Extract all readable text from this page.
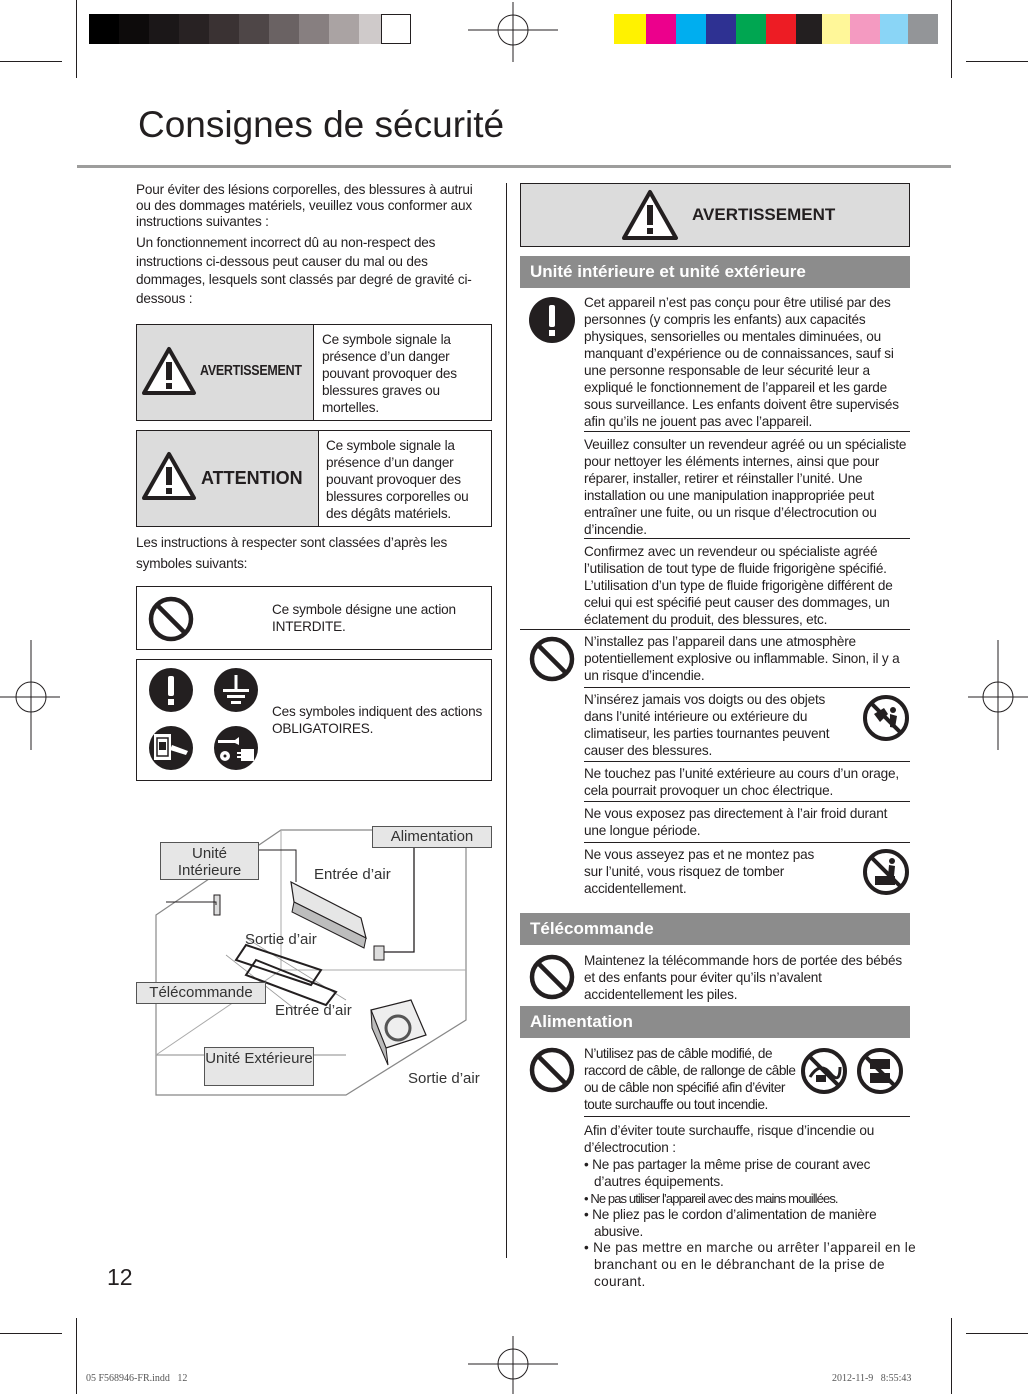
Consignes de sécurité
Pour éviter des lésions corporelles, des blessures à autrui ou des dommages matériels, veuillez vous conformer aux instructions suivantes :
Un fonctionnement incorrect dû au non-respect des instructions ci-dessous peut causer du mal ou des dommages, lesquels sont classés par degré de gravité ci-dessous :
AVERTISSEMENT
Ce symbole signale la présence d’un danger pouvant provoquer des blessures graves ou mortelles.
ATTENTION
Ce symbole signale la présence d’un danger pouvant provoquer des blessures corporelles ou des dégâts matériels.
Les instructions à respecter sont classées d’après les symboles suivants:
Ce symbole désigne une action INTERDITE.
Ces symboles indiquent des actions OBLIGATOIRES.
Alimentation
Unité Intérieure	Entrée d’air
Sortie d’air
Télécommande
Entrée d’air
Unité Extérieure
Sortie d’air
12
AVERTISSEMENT
Unité intérieure et unité extérieure
Cet appareil n’est pas conçu pour être utilisé par des personnes (y compris les enfants) aux capacités physiques, sensorielles ou mentales diminuées, ou manquant d’expérience ou de connaissances, sauf si une personne responsable de leur sécurité leur a expliqué le fonctionnement de l’appareil et les garde sous surveillance. Les enfants doivent être supervisés afin qu’ils ne jouent pas avec l’appareil.
Veuillez consulter un revendeur agréé ou un spécialiste pour nettoyer les éléments internes, ainsi que pour réparer, installer, retirer et réinstaller l’unité. Une installation ou une manipulation inappropriée peut entraîner une fuite, ou un risque d’électrocution ou d’incendie.
Confirmez avec un revendeur ou spécialiste agréé l’utilisation de tout type de fluide frigorigène spécifié. L’utilisation d’un type de fluide frigorigène différent de celui qui est spécifié peut causer des dommages, un éclatement du produit, des blessures, etc.
N’installez pas l’appareil dans une atmosphère potentiellement explosive ou inflammable. Sinon, il y a un risque d’incendie.
N’insérez jamais vos doigts ou des objets dans l’unité intérieure ou extérieure du climatiseur, les parties tournantes peuvent causer des blessures.
Ne touchez pas l’unité extérieure au cours d’un orage, cela pourrait provoquer un choc électrique.
Ne vous exposez pas directement à l’air froid durant une longue période.
Ne vous asseyez pas et ne montez pas sur l’unité, vous risquez de tomber accidentellement.
Télécommande
Maintenez la télécommande hors de portée des bébés et des enfants pour éviter qu’ils n’avalent accidentellement les piles.
Alimentation
N’utilisez pas de câble modifié, de raccord de câble, de rallonge de câble ou de câble non spécifié afin d’éviter toute surchauffe ou tout incendie.
Afin d’éviter toute surchauffe, risque d’incendie ou d’électrocution :
• Ne pas partager la même prise de courant avec d’autres équipements.
• Ne pas utiliser l’appareil avec des mains mouillées.
• Ne pliez pas le cordon d’alimentation de manière abusive.
• Ne pas mettre en marche ou arrêter l’appareil en le branchant ou en le débranchant de la prise de courant.
05 F568946-FR.indd   12	2012-11-9   8:55:43
